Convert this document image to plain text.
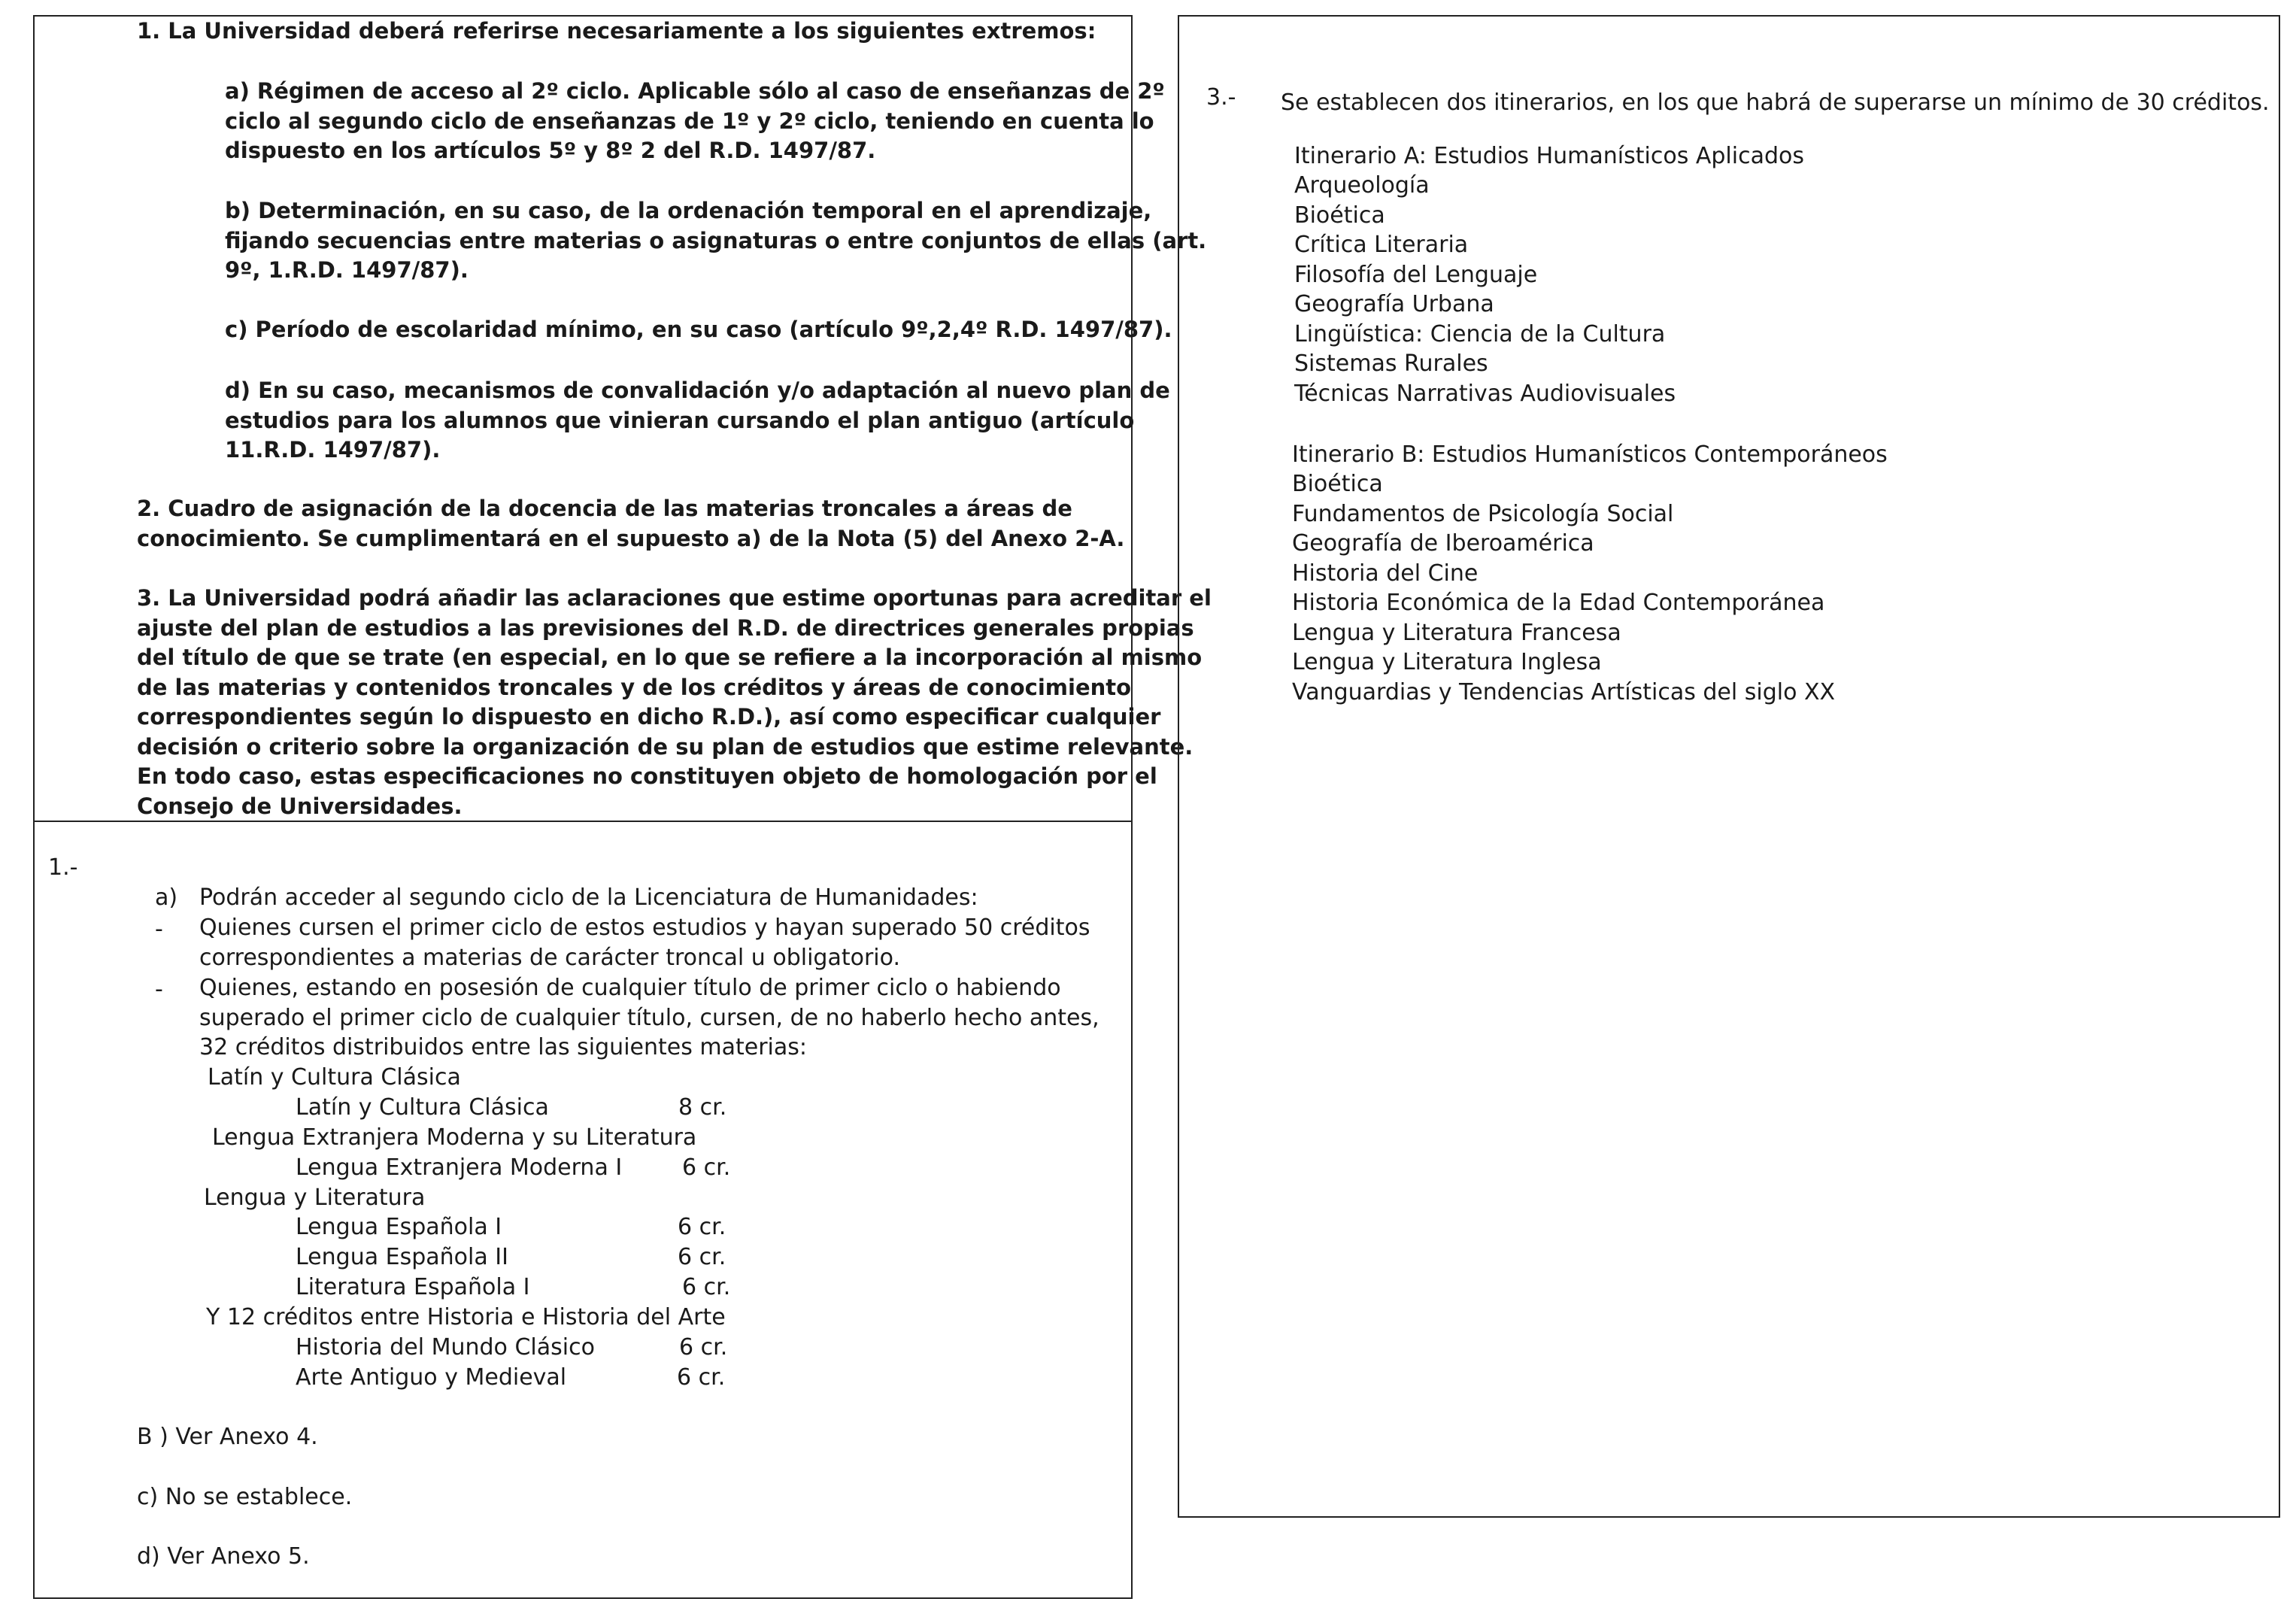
1. La Universidad deberá referirse necesariamente a los siguientes extremos:

a) Régimen de acceso al 2º ciclo. Aplicable sólo al caso de enseñanzas de 2º
ciclo al segundo ciclo de enseñanzas de 1º y 2º ciclo, teniendo en cuenta lo
dispuesto en los artículos 5º y 8º 2 del R.D. 1497/87.
b) Determinación, en su caso, de la ordenación temporal en el aprendizaje,
fijando secuencias entre materias o asignaturas o entre conjuntos de ellas (art.
9º, 1.R.D. 1497/87).
c) Período de escolaridad mínimo, en su caso (artículo 9º,2,4º R.D. 1497/87).
d) En su caso, mecanismos de convalidación y/o adaptación al nuevo plan de
estudios para los alumnos que vinieran cursando el plan antiguo (artículo
11.R.D. 1497/87).
2. Cuadro de asignación de la docencia de las materias troncales a áreas de
conocimiento. Se cumplimentará en el supuesto a) de la Nota (5) del Anexo 2-A.
3. La Universidad podrá añadir las aclaraciones que estime oportunas para acreditar el
ajuste del plan de estudios a las previsiones del R.D. de directrices generales propias
del título de que se trate (en especial, en lo que se refiere a la incorporación al mismo
de las materias y contenidos troncales y de los créditos y áreas de conocimiento
correspondientes según lo dispuesto en dicho R.D.), así como especificar cualquier
decisión o criterio sobre la organización de su plan de estudios que estime relevante.
En todo caso, estas especificaciones no constituyen objeto de homologación por el
Consejo de Universidades.

1.-

a) Podrán acceder al segundo ciclo de la Licenciatura de Humanidades:

- Quienes cursen el primer ciclo de estos estudios y hayan superado 50 créditos
correspondientes a materias de carácter troncal u obligatorio.

- Quienes, estando en posesión de cualquier título de primer ciclo o habiendo
superado el primer ciclo de cualquier título, cursen, de no haberlo hecho antes,
32 créditos distribuidos entre las siguientes materias:

Latín y Cultura Clásica

Latín y Cultura Clásica	8 cr.

Lengua Extranjera Moderna y su Literatura

Lengua Extranjera Moderna I	6 cr.

Lengua y Literatura

Lengua Española I	6 cr.

Lengua Española II	6 cr.

Literatura Española I	6 cr.

Y 12 créditos entre Historia e Historia del Arte

Historia del Mundo Clásico	6 cr.

Arte Antiguo y Medieval	6 cr.

B ) Ver Anexo 4.

c) No se establece.

d) Ver Anexo 5.

3.- Se establecen dos itinerarios, en los que habrá de superarse un mínimo de 30 créditos.

Itinerario A: Estudios Humanísticos Aplicados

Arqueología
Bioética
Crítica Literaria
Filosofía del Lenguaje
Geografía Urbana
Lingüística: Ciencia de la Cultura
Sistemas Rurales
Técnicas Narrativas Audiovisuales

Itinerario B: Estudios Humanísticos Contemporáneos

Bioética
Fundamentos de Psicología Social
Geografía de Iberoamérica
Historia del Cine
Historia Económica de la Edad Contemporánea
Lengua y Literatura Francesa
Lengua y Literatura Inglesa
Vanguardias y Tendencias Artísticas del siglo XX
